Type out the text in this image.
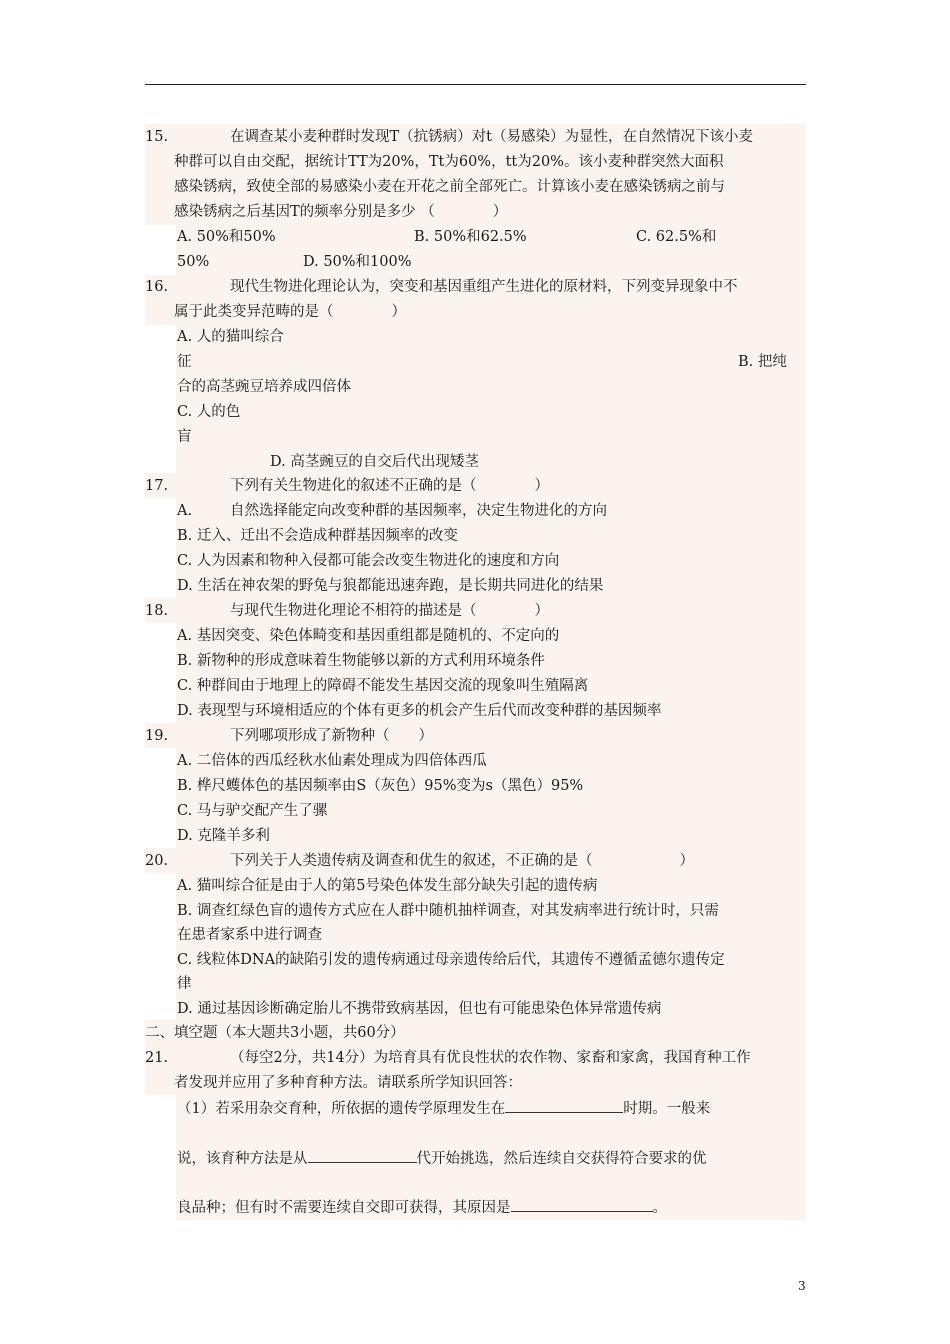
15.	在调查某小麦种群时发现T（抗锈病）对t（易感染）为显性，在自然情况下该小麦
种群可以自由交配，据统计TT为20%，Tt为60%，tt为20%。该小麦种群突然大面积
感染锈病，致使全部的易感染小麦在开花之前全部死亡。计算该小麦在感染锈病之前与
感染锈病之后基因T的频率分别是多少 （　　　　）
A. 50%和50%	B. 50%和62.5%	C. 62.5%和
50%	D. 50%和100%
16.	现代生物进化理论认为，突变和基因重组产生进化的原材料，下列变异现象中不
属于此类变异范畴的是（　　　　）
A. 人的猫叫综合
征	B. 把纯
合的高茎豌豆培养成四倍体
C. 人的色
盲
D. 高茎豌豆的自交后代出现矮茎
17.	下列有关生物进化的叙述不正确的是（　　　　）
A.	自然选择能定向改变种群的基因频率，决定生物进化的方向
B. 迁入、迁出不会造成种群基因频率的改变
C. 人为因素和物种入侵都可能会改变生物进化的速度和方向
D. 生活在神农架的野兔与狼都能迅速奔跑，是长期共同进化的结果
18.	与现代生物进化理论不相符的描述是（　　　　）
A. 基因突变、染色体畸变和基因重组都是随机的、不定向的
B. 新物种的形成意味着生物能够以新的方式利用环境条件
C. 种群间由于地理上的障碍不能发生基因交流的现象叫生殖隔离
D. 表现型与环境相适应的个体有更多的机会产生后代而改变种群的基因频率
19.	下列哪项形成了新物种（　　）
A. 二倍体的西瓜经秋水仙素处理成为四倍体西瓜
B. 桦尺蠖体色的基因频率由S（灰色）95%变为s（黑色）95%
C. 马与驴交配产生了骡
D. 克隆羊多利
20.	下列关于人类遗传病及调查和优生的叙述，不正确的是（　　　　　　）
A. 猫叫综合征是由于人的第5号染色体发生部分缺失引起的遗传病
B. 调查红绿色盲的遗传方式应在人群中随机抽样调查，对其发病率进行统计时，只需
在患者家系中进行调查
C. 线粒体DNA的缺陷引发的遗传病通过母亲遗传给后代，其遗传不遵循孟德尔遗传定
律
D. 通过基因诊断确定胎儿不携带致病基因，但也有可能患染色体异常遗传病
二、填空题（本大题共3小题，共60分）
21.	（每空2分，共14分）为培育具有优良性状的农作物、家畜和家禽，我国育种工作
者发现并应用了多种育种方法。请联系所学知识回答：
（1）若采用杂交育种，所依据的遗传学原理发生在	时期。一般来
说，该育种方法是从	代开始挑选，然后连续自交获得符合要求的优
良品种；但有时不需要连续自交即可获得，其原因是	。
3
